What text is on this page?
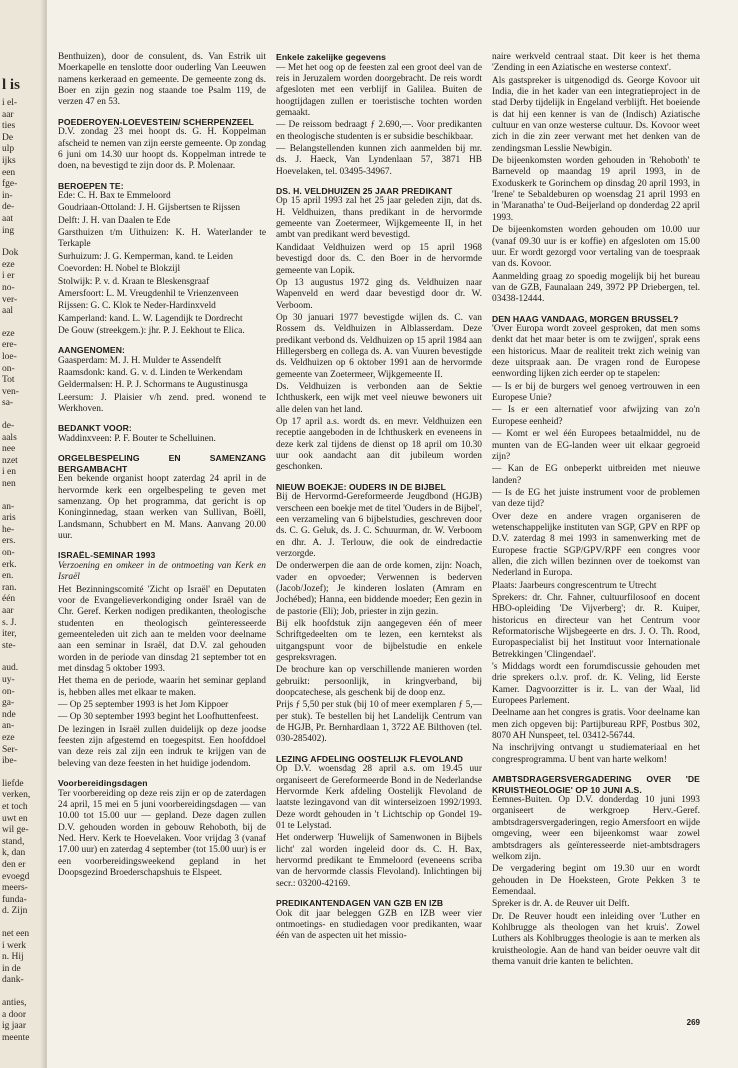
l is
i el-
aar
ties
De
ulp
ijks
een
fge-
in-
de-
aat
ing
Dok
eze
i er
no-
ver-
aal
eze
ere-
loe-
on-
Tot
ven-
sa-
de-
aals
nee
nzet
i en
nen
an-
aris
he-
ers.
on-
erk.
en.
ran.
één
aar
s. J.
iter,
ste-
aud.
uy-
on-
ga-
nde
an-
eze
Ser-
ibe-
liefde
verken,
et toch
uwt en
wil ge-
stand,
k, dan
den er
evoegd
meers-
funda-
d. Zijn
net een
i werk
n. Hij
in de
dank-
anties,
a door
ig jaar
meente

Benthuizen), door de consulent, ds. Van Estrik uit Moerkapelle en tenslotte door ouderling Van Leeuwen namens kerkeraad en gemeente. De gemeente zong ds. Boer en zijn gezin nog staande toe Psalm 119, de verzen 47 en 53.

POEDEROYEN-LOEVESTEIN/ SCHERPENZEEL

D.V. zondag 23 mei hoopt ds. G. H. Koppelman afscheid te nemen van zijn eerste gemeente. Op zondag 6 juni om 14.30 uur hoopt ds. Koppelman intrede te doen, na bevestigd te zijn door ds. P. Molenaar.

BEROEPEN TE:

Ede: C. H. Bax te Emmeloord

Goudriaan-Ottoland: J. H. Gijsbertsen te Rijssen

Delft: J. H. van Daalen te Ede

Garsthuizen t/m Uithuizen: K. H. Waterlander te Terkaple

Surhuizum: J. G. Kemperman, kand. te Leiden

Coevorden: H. Nobel te Blokzijl

Stolwijk: P. v. d. Kraan te Bleskensgraaf

Amersfoort: L. M. Vreugdenhil te Vrienzenveen

Rijssen: G. C. Klok te Neder-Hardinxveld

Kamperland: kand. L. W. Lagendijk te Dordrecht

De Gouw (streekgem.): jhr. P. J. Eekhout te Elica.

AANGENOMEN:

Gaasperdam: M. J. H. Mulder te Assendelft

Raamsdonk: kand. G. v. d. Linden te Werkendam

Geldermalsen: H. P. J. Schormans te Augustinusga

Leersum: J. Plaisier v/h zend. pred. wonend te Werkhoven.

BEDANKT VOOR:

Waddinxveen: P. F. Bouter te Schelluinen.

ORGELBESPELING EN SAMENZANG BERGAMBACHT

Een bekende organist hoopt zaterdag 24 april in de hervormde kerk een orgelbespeling te geven met samenzang. Op het programma, dat gericht is op Koninginnedag, staan werken van Sullivan, Boëll, Landsmann, Schubbert en M. Mans. Aanvang 20.00 uur.

ISRAËL-SEMINAR 1993

Verzoening en omkeer in de ontmoeting van Kerk en Israël

Het Bezinningscomité 'Zicht op Israël' en Deputaten voor de Evangelieverkondiging onder Israël van de Chr. Geref. Kerken nodigen predikanten, theologische studenten en theologisch geïnteresseerde gemeenteleden uit zich aan te melden voor deelname aan een seminar in Israël, dat D.V. zal gehouden worden in de periode van dinsdag 21 september tot en met dinsdag 5 oktober 1993.

Het thema en de periode, waarin het seminar gepland is, hebben alles met elkaar te maken.

— Op 25 september 1993 is het Jom Kippoer

— Op 30 september 1993 begint het Loofhuttenfeest.

De lezingen in Israël zullen duidelijk op deze joodse feesten zijn afgestemd en toegespitst. Een hoofddoel van deze reis zal zijn een indruk te krijgen van de beleving van deze feesten in het huidige jodendom.

Voorbereidingsdagen

Ter voorbereiding op deze reis zijn er op de zaterdagen 24 april, 15 mei en 5 juni voorbereidingsdagen — van 10.00 tot 15.00 uur — gepland. Deze dagen zullen D.V. gehouden worden in gebouw Rehoboth, bij de Ned. Herv. Kerk te Hoevelaken. Voor vrijdag 3 (vanaf 17.00 uur) en zaterdag 4 september (tot 15.00 uur) is er een voorbereidingsweekend gepland in het Doopsgezind Broederschapshuis te Elspeet.

Enkele zakelijke gegevens

— Met het oog op de feesten zal een groot deel van de reis in Jeruzalem worden doorgebracht. De reis wordt afgesloten met een verblijf in Galilea. Buiten de hoogtijdagen zullen er toeristische tochten worden gemaakt.

— De reissom bedraagt ƒ 2.690,—. Voor predikanten en theologische studenten is er subsidie beschikbaar.

— Belangstellenden kunnen zich aanmelden bij mr. ds. J. Haeck, Van Lyndenlaan 57, 3871 HB Hoevelaken, tel. 03495-34967.

DS. H. VELDHUIZEN 25 JAAR PREDIKANT

Op 15 april 1993 zal het 25 jaar geleden zijn, dat ds. H. Veldhuizen, thans predikant in de hervormde gemeente van Zoetermeer, Wijkgemeente II, in het ambt van predikant werd bevestigd.

Kandidaat Veldhuizen werd op 15 april 1968 bevestigd door ds. C. den Boer in de hervormde gemeente van Lopik.

Op 13 augustus 1972 ging ds. Veldhuizen naar Wapenveld en werd daar bevestigd door dr. W. Verboom.

Op 30 januari 1977 bevestigde wijlen ds. C. van Rossem ds. Veldhuizen in Alblasserdam. Deze predikant verbond ds. Veldhuizen op 15 april 1984 aan Hillegersberg en collega ds. A. van Vuuren bevestigde ds. Veldhuizen op 6 oktober 1991 aan de hervormde gemeente van Zoetermeer, Wijkgemeente II.

Ds. Veldhuizen is verbonden aan de Sektie Ichthuskerk, een wijk met veel nieuwe bewoners uit alle delen van het land.

Op 17 april a.s. wordt ds. en mevr. Veldhuizen een receptie aangeboden in de Ichthuskerk en eveneens in deze kerk zal tijdens de dienst op 18 april om 10.30 uur ook aandacht aan dit jubileum worden geschonken.

NIEUW BOEKJE: OUDERS IN DE BIJBEL

Bij de Hervormd-Gereformeerde Jeugdbond (HGJB) verscheen een boekje met de titel 'Ouders in de Bijbel', een verzameling van 6 bijbelstudies, geschreven door ds. C. G. Geluk, ds. J. C. Schuurman, dr. W. Verboom en dhr. A. J. Terlouw, die ook de eindredactie verzorgde.

De onderwerpen die aan de orde komen, zijn: Noach, vader en opvoeder; Verwennen is bederven (Jacob/Jozef); Je kinderen loslaten (Amram en Jochébed); Hanna, een biddende moeder; Een gezin in de pastorie (Eli); Job, priester in zijn gezin.

Bij elk hoofdstuk zijn aangegeven één of meer Schriftgedeelten om te lezen, een kerntekst als uitgangspunt voor de bijbelstudie en enkele gespreksvragen.

De brochure kan op verschillende manieren worden gebruikt: persoonlijk, in kringverband, bij doopcatechese, als geschenk bij de doop enz.

Prijs ƒ 5,50 per stuk (bij 10 of meer exemplaren ƒ 5,— per stuk). Te bestellen bij het Landelijk Centrum van de HGJB, Pr. Bernhardlaan 1, 3722 AE Bilthoven (tel. 030-285402).

LEZING AFDELING OOSTELIJK FLEVOLAND

Op D.V. woensdag 28 april a.s. om 19.45 uur organiseert de Gereformeerde Bond in de Nederlandse Hervormde Kerk afdeling Oostelijk Flevoland de laatste lezingavond van dit winterseizoen 1992/1993. Deze wordt gehouden in 't Lichtschip op Gondel 19-01 te Lelystad.

Het onderwerp 'Huwelijk of Samenwonen in Bijbels licht' zal worden ingeleid door ds. C. H. Bax, hervormd predikant te Emmeloord (eveneens scriba van de hervormde classis Flevoland). Inlichtingen bij secr.: 03200-42169.

PREDIKANTENDAGEN VAN GZB EN IZB

Ook dit jaar beleggen GZB en IZB weer vier ontmoetings- en studiedagen voor predikanten, waar één van de aspecten uit het missio-

naire werkveld centraal staat. Dit keer is het thema 'Zending in een Aziatische en westerse context'.

Als gastspreker is uitgenodigd ds. George Kovoor uit India, die in het kader van een integratieproject in de stad Derby tijdelijk in Engeland verblijft. Het boeiende is dat hij een kenner is van de (Indisch) Aziatische cultuur en van onze westerse cultuur. Ds. Kovoor weet zich in die zin zeer verwant met het denken van de zendingsman Lesslie Newbigin.

De bijeenkomsten worden gehouden in 'Rehoboth' te Barneveld op maandag 19 april 1993, in de Exoduskerk te Gorinchem op dinsdag 20 april 1993, in 'Irene' te Sebaldeburen op woensdag 21 april 1993 en in 'Maranatha' te Oud-Beijerland op donderdag 22 april 1993.

De bijeenkomsten worden gehouden om 10.00 uur (vanaf 09.30 uur is er koffie) en afgesloten om 15.00 uur. Er wordt gezorgd voor vertaling van de toespraak van ds. Kovoor.

Aanmelding graag zo spoedig mogelijk bij het bureau van de GZB, Faunalaan 249, 3972 PP Driebergen, tel. 03438-12444.

DEN HAAG VANDAAG, MORGEN BRUSSEL?

'Over Europa wordt zoveel gesproken, dat men soms denkt dat het maar beter is om te zwijgen', sprak eens een historicus. Maar de realiteit trekt zich weinig van deze uitspraak aan. De vragen rond de Europese eenwording lijken zich eerder op te stapelen:

— Is er bij de burgers wel genoeg vertrouwen in een Europese Unie?

— Is er een alternatief voor afwijzing van zo'n Europese eenheid?

— Komt er wel één Europees betaalmiddel, nu de munten van de EG-landen weer uit elkaar gegroeid zijn?

— Kan de EG onbeperkt uitbreiden met nieuwe landen?

— Is de EG het juiste instrument voor de problemen van deze tijd?

Over deze en andere vragen organiseren de wetenschappelijke instituten van SGP, GPV en RPF op D.V. zaterdag 8 mei 1993 in samenwerking met de Europese fractie SGP/GPV/RPF een congres voor allen, die zich willen bezinnen over de toekomst van Nederland in Europa.

Plaats: Jaarbeurs congrescentrum te Utrecht

Sprekers: dr. Chr. Fahner, cultuurfilosoof en docent HBO-opleiding 'De Vijverberg'; dr. R. Kuiper, historicus en directeur van het Centrum voor Reformatorische Wijsbegeerte en drs. J. O. Th. Rood, Europaspecialist bij het Instituut voor Internationale Betrekkingen 'Clingendael'.

's Middags wordt een forumdiscussie gehouden met drie sprekers o.l.v. prof. dr. K. Veling, lid Eerste Kamer. Dagvoorzitter is ir. L. van der Waal, lid Europees Parlement.

Deelname aan het congres is gratis. Voor deelname kan men zich opgeven bij: Partijbureau RPF, Postbus 302, 8070 AH Nunspeet, tel. 03412-56744.

Na inschrijving ontvangt u studiemateriaal en het congresprogramma. U bent van harte welkom!

AMBTSDRAGERSVERGADERING OVER 'DE KRUISTHEOLOGIE' OP 10 JUNI A.S.

Eemnes-Buiten. Op D.V. donderdag 10 juni 1993 organiseert de werkgroep Herv.-Geref. ambtsdragersvergaderingen, regio Amersfoort en wijde omgeving, weer een bijeenkomst waar zowel ambtsdragers als geïnteresseerde niet-ambtsdragers welkom zijn.

De vergadering begint om 19.30 uur en wordt gehouden in De Hoeksteen, Grote Pekken 3 te Eemendaal.

Spreker is dr. A. de Reuver uit Delft.

Dr. De Reuver houdt een inleiding over 'Luther en Kohlbrugge als theologen van het kruis'. Zowel Luthers als Kohlbrugges theologie is aan te merken als kruistheologie. Aan de hand van beider oeuvre valt dit thema vanuit drie kanten te belichten.

269
